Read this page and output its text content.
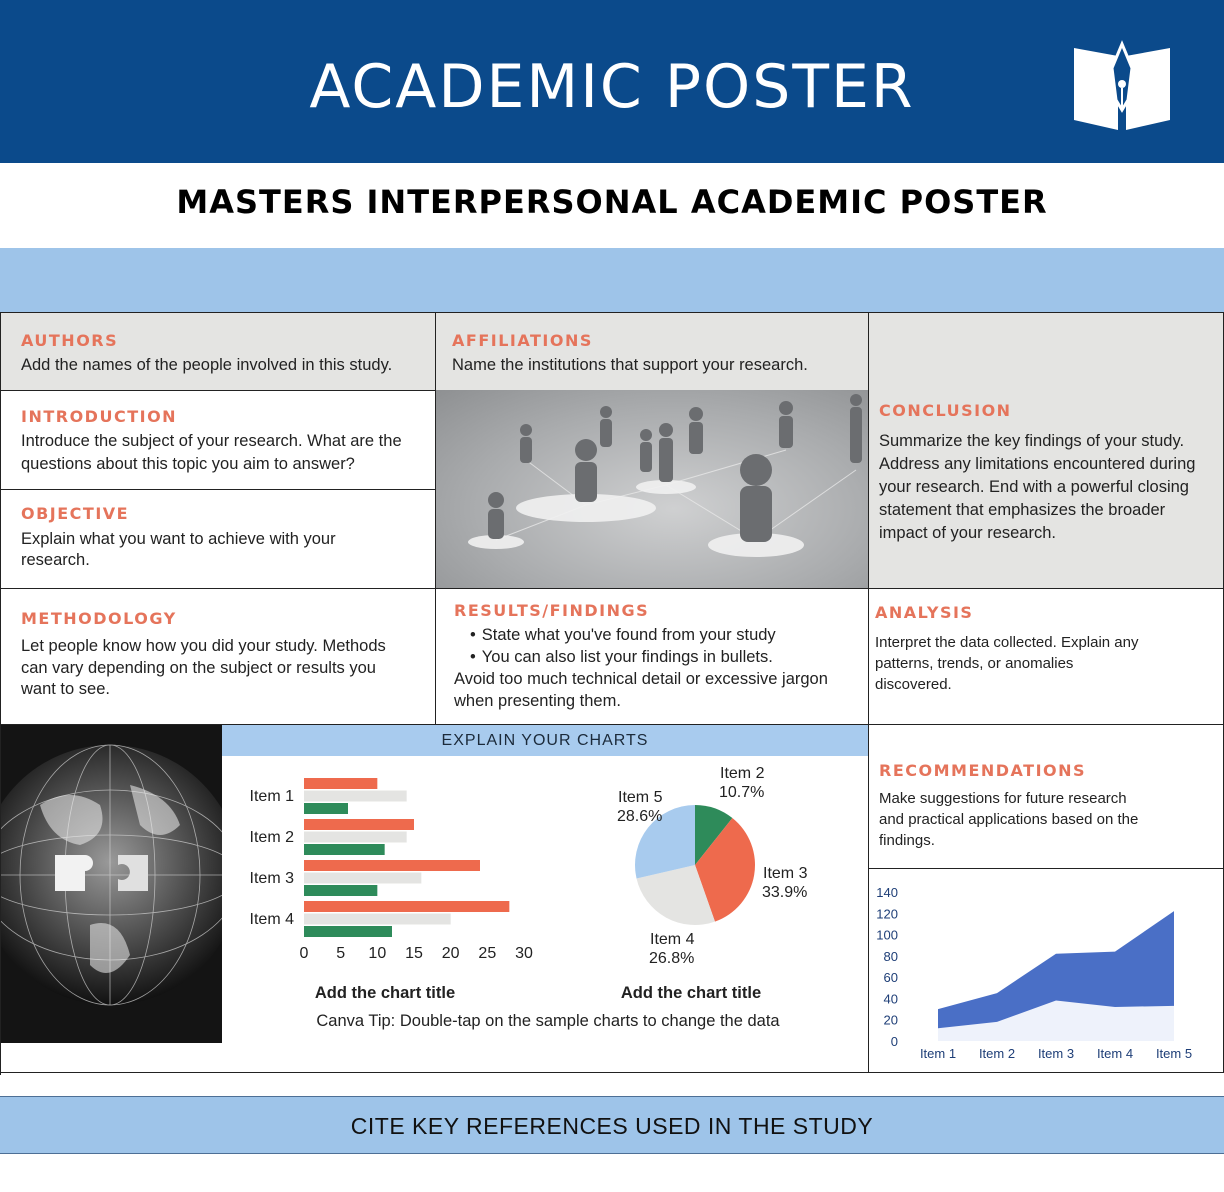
ACADEMIC POSTER
MASTERS INTERPERSONAL ACADEMIC POSTER
AUTHORS
Add the names of the people involved in this study.
AFFILIATIONS
Name the institutions that support your research.
INTRODUCTION
Introduce the subject of your research. What are the questions about this topic you aim to answer?
OBJECTIVE
Explain what you want to achieve with your research.
CONCLUSION
Summarize the key findings of your study. Address any limitations encountered during your research. End with a powerful closing statement that emphasizes the broader impact of your research.
METHODOLOGY
Let people know how you did your study. Methods can vary depending on the subject or results you want to see.
RESULTS/FINDINGS
• State what you've found from your study
• You can also list your findings in bullets.
Avoid too much technical detail or excessive jargon when presenting them.
ANALYSIS
Interpret the data collected. Explain any patterns, trends, or anomalies discovered.
EXPLAIN YOUR CHARTS
Item 1
Item 2
Item 3
Item 4
0 5 10 15 20 25 30
Add the chart title
Item 2
10.7%
Item 3
33.9%
Item 4
26.8%
Item 5
28.6%
Add the chart title
Canva Tip: Double-tap on the sample charts to change the data
RECOMMENDATIONS
Make suggestions for future research and practical applications based on the findings.
0
20
40
60
80
100
120
140
Item 1 Item 2 Item 3 Item 4 Item 5
CITE KEY REFERENCES USED IN THE STUDY
